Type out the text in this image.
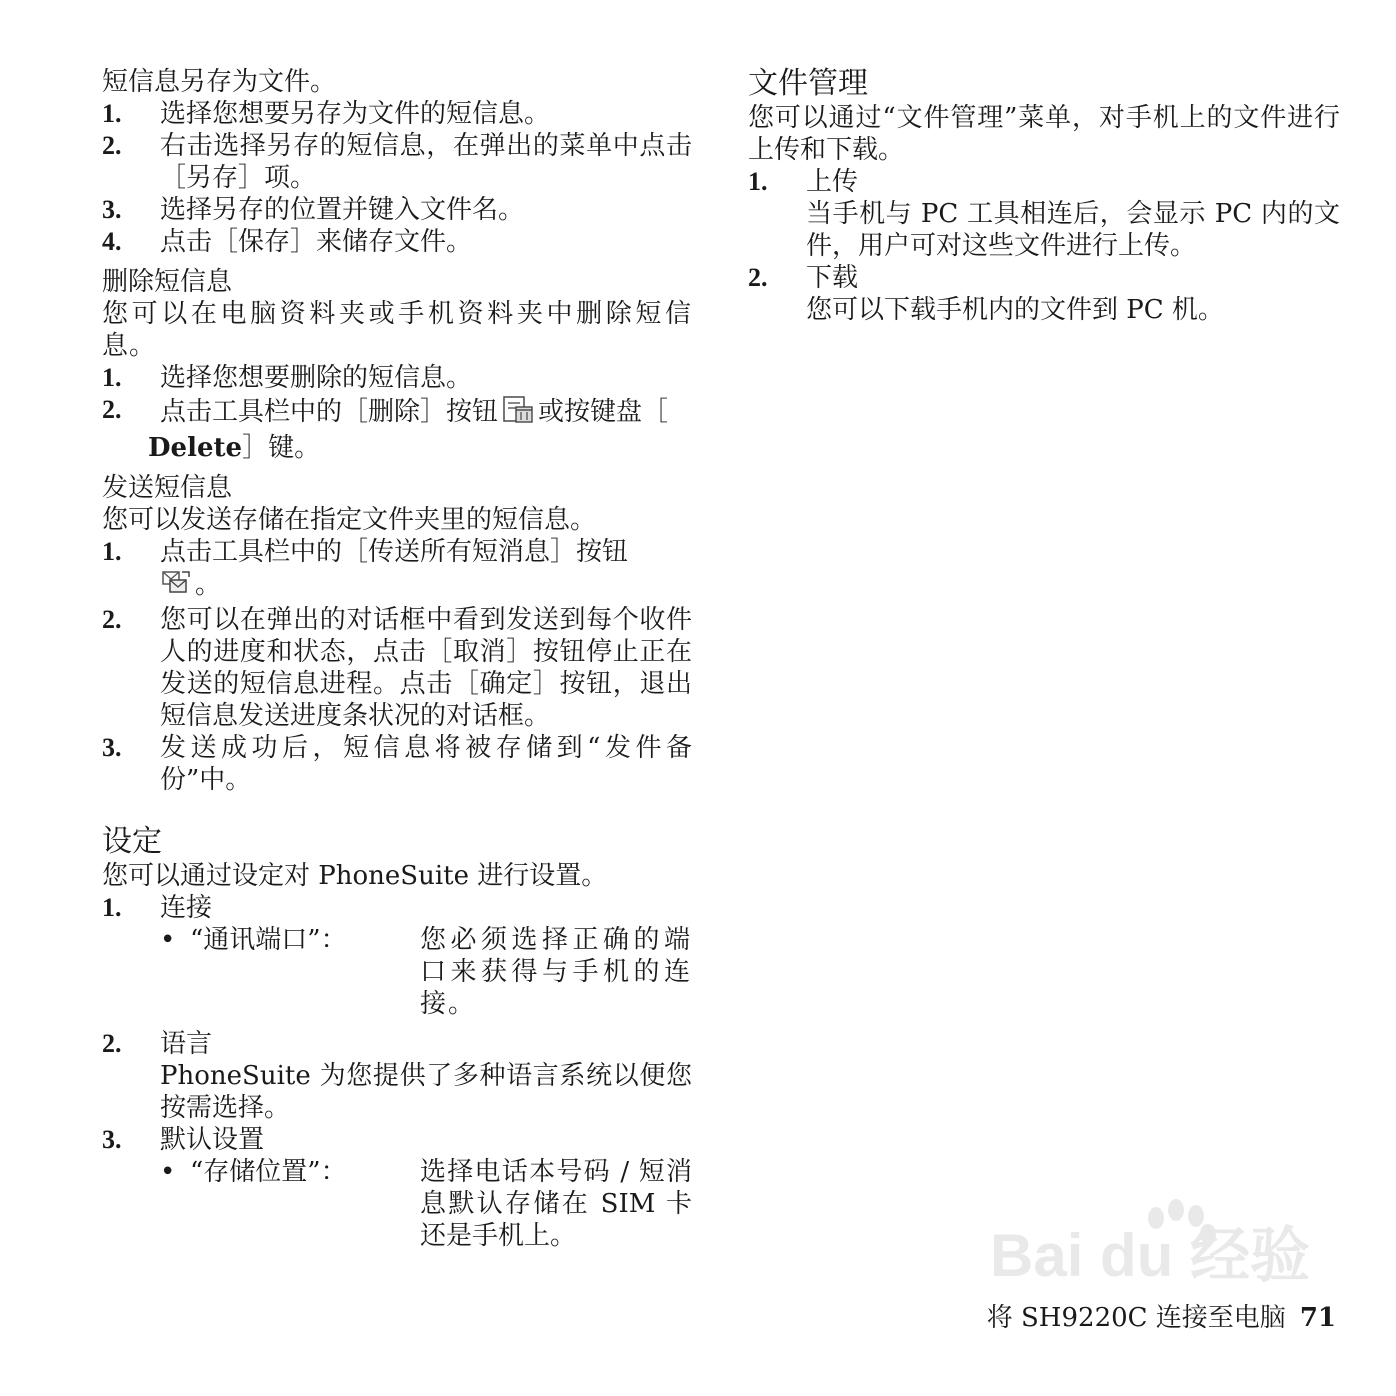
短信息另存为文件。

1. 选择您想要另存为文件的短信息。
2. 右击选择另存的短信息，在弹出的菜单中点击［另存］项。
3. 选择另存的位置并键入文件名。
4. 点击［保存］来储存文件。

删除短信息

您可以在电脑资料夹或手机资料夹中删除短信息。

1. 选择您想要删除的短信息。
2. 点击工具栏中的［删除］按钮 或按键盘［
Delete］键。

发送短信息

您可以发送存储在指定文件夹里的短信息。

1. 点击工具栏中的［传送所有短消息］按钮
。
2. 您可以在弹出的对话框中看到发送到每个收件人的进度和状态，点击［取消］按钮停止正在发送的短信息进程。点击［确定］按钮，退出短信息发送进度条状况的对话框。
3. 发送成功后，短信息将被存储到“发件备份”中。

设定

您可以通过设定对 PhoneSuite 进行设置。

1. 连接
• “通讯端口”：	您必须选择正确的端口来获得与手机的连接。
2. 语言
PhoneSuite 为您提供了多种语言系统以便您按需选择。
3. 默认设置
• “存储位置”：	选择电话本号码 / 短消息默认存储在 SIM 卡还是手机上。

文件管理

您可以通过“文件管理”菜单，对手机上的文件进行上传和下载。

1. 上传
当手机与 PC 工具相连后，会显示 PC 内的文件，用户可对这些文件进行上传。
2. 下载
您可以下载手机内的文件到 PC 机。
Bai du 经验
将 SH9220C 连接至电脑 71
